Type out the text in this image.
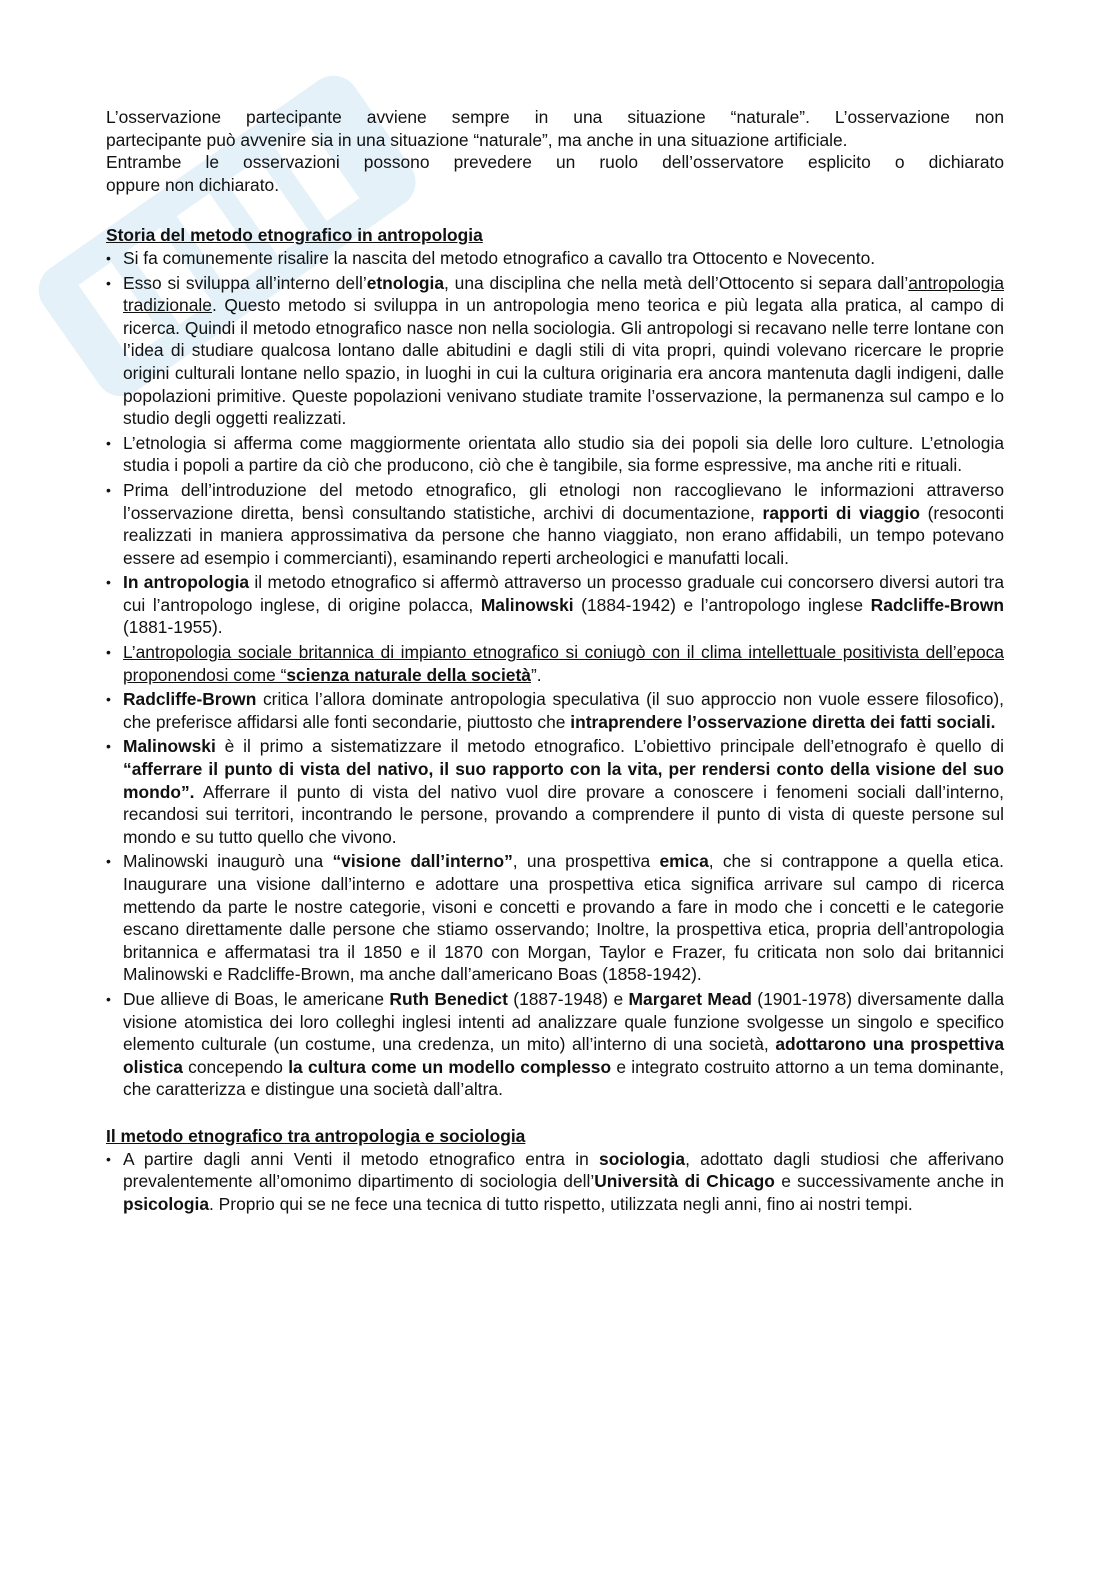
L’osservazione partecipante avviene sempre in una situazione “naturale”. L’osservazione non
partecipante può avvenire sia in una situazione “naturale”, ma anche in una situazione artificiale.
Entrambe le osservazioni possono prevedere un ruolo dell’osservatore esplicito o dichiarato
oppure non dichiarato.

Storia del metodo etnografico in antropologia
• Si fa comunemente risalire la nascita del metodo etnografico a cavallo tra Ottocento e Novecento.
• Esso si sviluppa all’interno dell’etnologia, una disciplina che nella metà dell’Ottocento si separa dall’antropologia tradizionale. Questo metodo si sviluppa in un antropologia meno teorica e più legata alla pratica, al campo di ricerca. Quindi il metodo etnografico nasce non nella sociologia. Gli antropologi si recavano nelle terre lontane con l’idea di studiare qualcosa lontano dalle abitudini e dagli stili di vita propri, quindi volevano ricercare le proprie origini culturali lontane nello spazio, in luoghi in cui la cultura originaria era ancora mantenuta dagli indigeni, dalle popolazioni primitive. Queste popolazioni venivano studiate tramite l’osservazione, la permanenza sul campo e lo studio degli oggetti realizzati.
• L’etnologia si afferma come maggiormente orientata allo studio sia dei popoli sia delle loro culture. L’etnologia studia i popoli a partire da ciò che producono, ciò che è tangibile, sia forme espressive, ma anche riti e rituali.
• Prima dell’introduzione del metodo etnografico, gli etnologi non raccoglievano le informazioni attraverso l’osservazione diretta, bensì consultando statistiche, archivi di documentazione, rapporti di viaggio (resoconti realizzati in maniera approssimativa da persone che hanno viaggiato, non erano affidabili, un tempo potevano essere ad esempio i commercianti), esaminando reperti archeologici e manufatti locali.
• In antropologia il metodo etnografico si affermò attraverso un processo graduale cui concorsero diversi autori tra cui l’antropologo inglese, di origine polacca, Malinowski (1884-1942) e l’antropologo inglese Radcliffe-Brown (1881-1955).
• L’antropologia sociale britannica di impianto etnografico si coniugò con il clima intellettuale positivista dell’epoca proponendosi come “scienza naturale della società”.
• Radcliffe-Brown critica l’allora dominate antropologia speculativa (il suo approccio non vuole essere filosofico), che preferisce affidarsi alle fonti secondarie, piuttosto che intraprendere l’osservazione diretta dei fatti sociali.
• Malinowski è il primo a sistematizzare il metodo etnografico. L’obiettivo principale dell’etnografo è quello di “afferrare il punto di vista del nativo, il suo rapporto con la vita, per rendersi conto della visione del suo mondo”. Afferrare il punto di vista del nativo vuol dire provare a conoscere i fenomeni sociali dall’interno, recandosi sui territori, incontrando le persone, provando a comprendere il punto di vista di queste persone sul mondo e su tutto quello che vivono.
• Malinowski inaugurò una “visione dall’interno”, una prospettiva emica, che si contrappone a quella etica. Inaugurare una visione dall’interno e adottare una prospettiva etica significa arrivare sul campo di ricerca mettendo da parte le nostre categorie, visoni e concetti e provando a fare in modo che i concetti e le categorie escano direttamente dalle persone che stiamo osservando; Inoltre, la prospettiva etica, propria dell’antropologia britannica e affermatasi tra il 1850 e il 1870 con Morgan, Taylor e Frazer, fu criticata non solo dai britannici Malinowski e Radcliffe-Brown, ma anche dall’americano Boas (1858-1942).
• Due allieve di Boas, le americane Ruth Benedict (1887-1948) e Margaret Mead (1901-1978) diversamente dalla visione atomistica dei loro colleghi inglesi intenti ad analizzare quale funzione svolgesse un singolo e specifico elemento culturale (un costume, una credenza, un mito) all’interno di una società, adottarono una prospettiva olistica concependo la cultura come un modello complesso e integrato costruito attorno a un tema dominante, che caratterizza e distingue una società dall’altra.
Il metodo etnografico tra antropologia e sociologia
• A partire dagli anni Venti il metodo etnografico entra in sociologia, adottato dagli studiosi che afferivano prevalentemente all’omonimo dipartimento di sociologia dell’Università di Chicago e successivamente anche in psicologia. Proprio qui se ne fece una tecnica di tutto rispetto, utilizzata negli anni, fino ai nostri tempi.
